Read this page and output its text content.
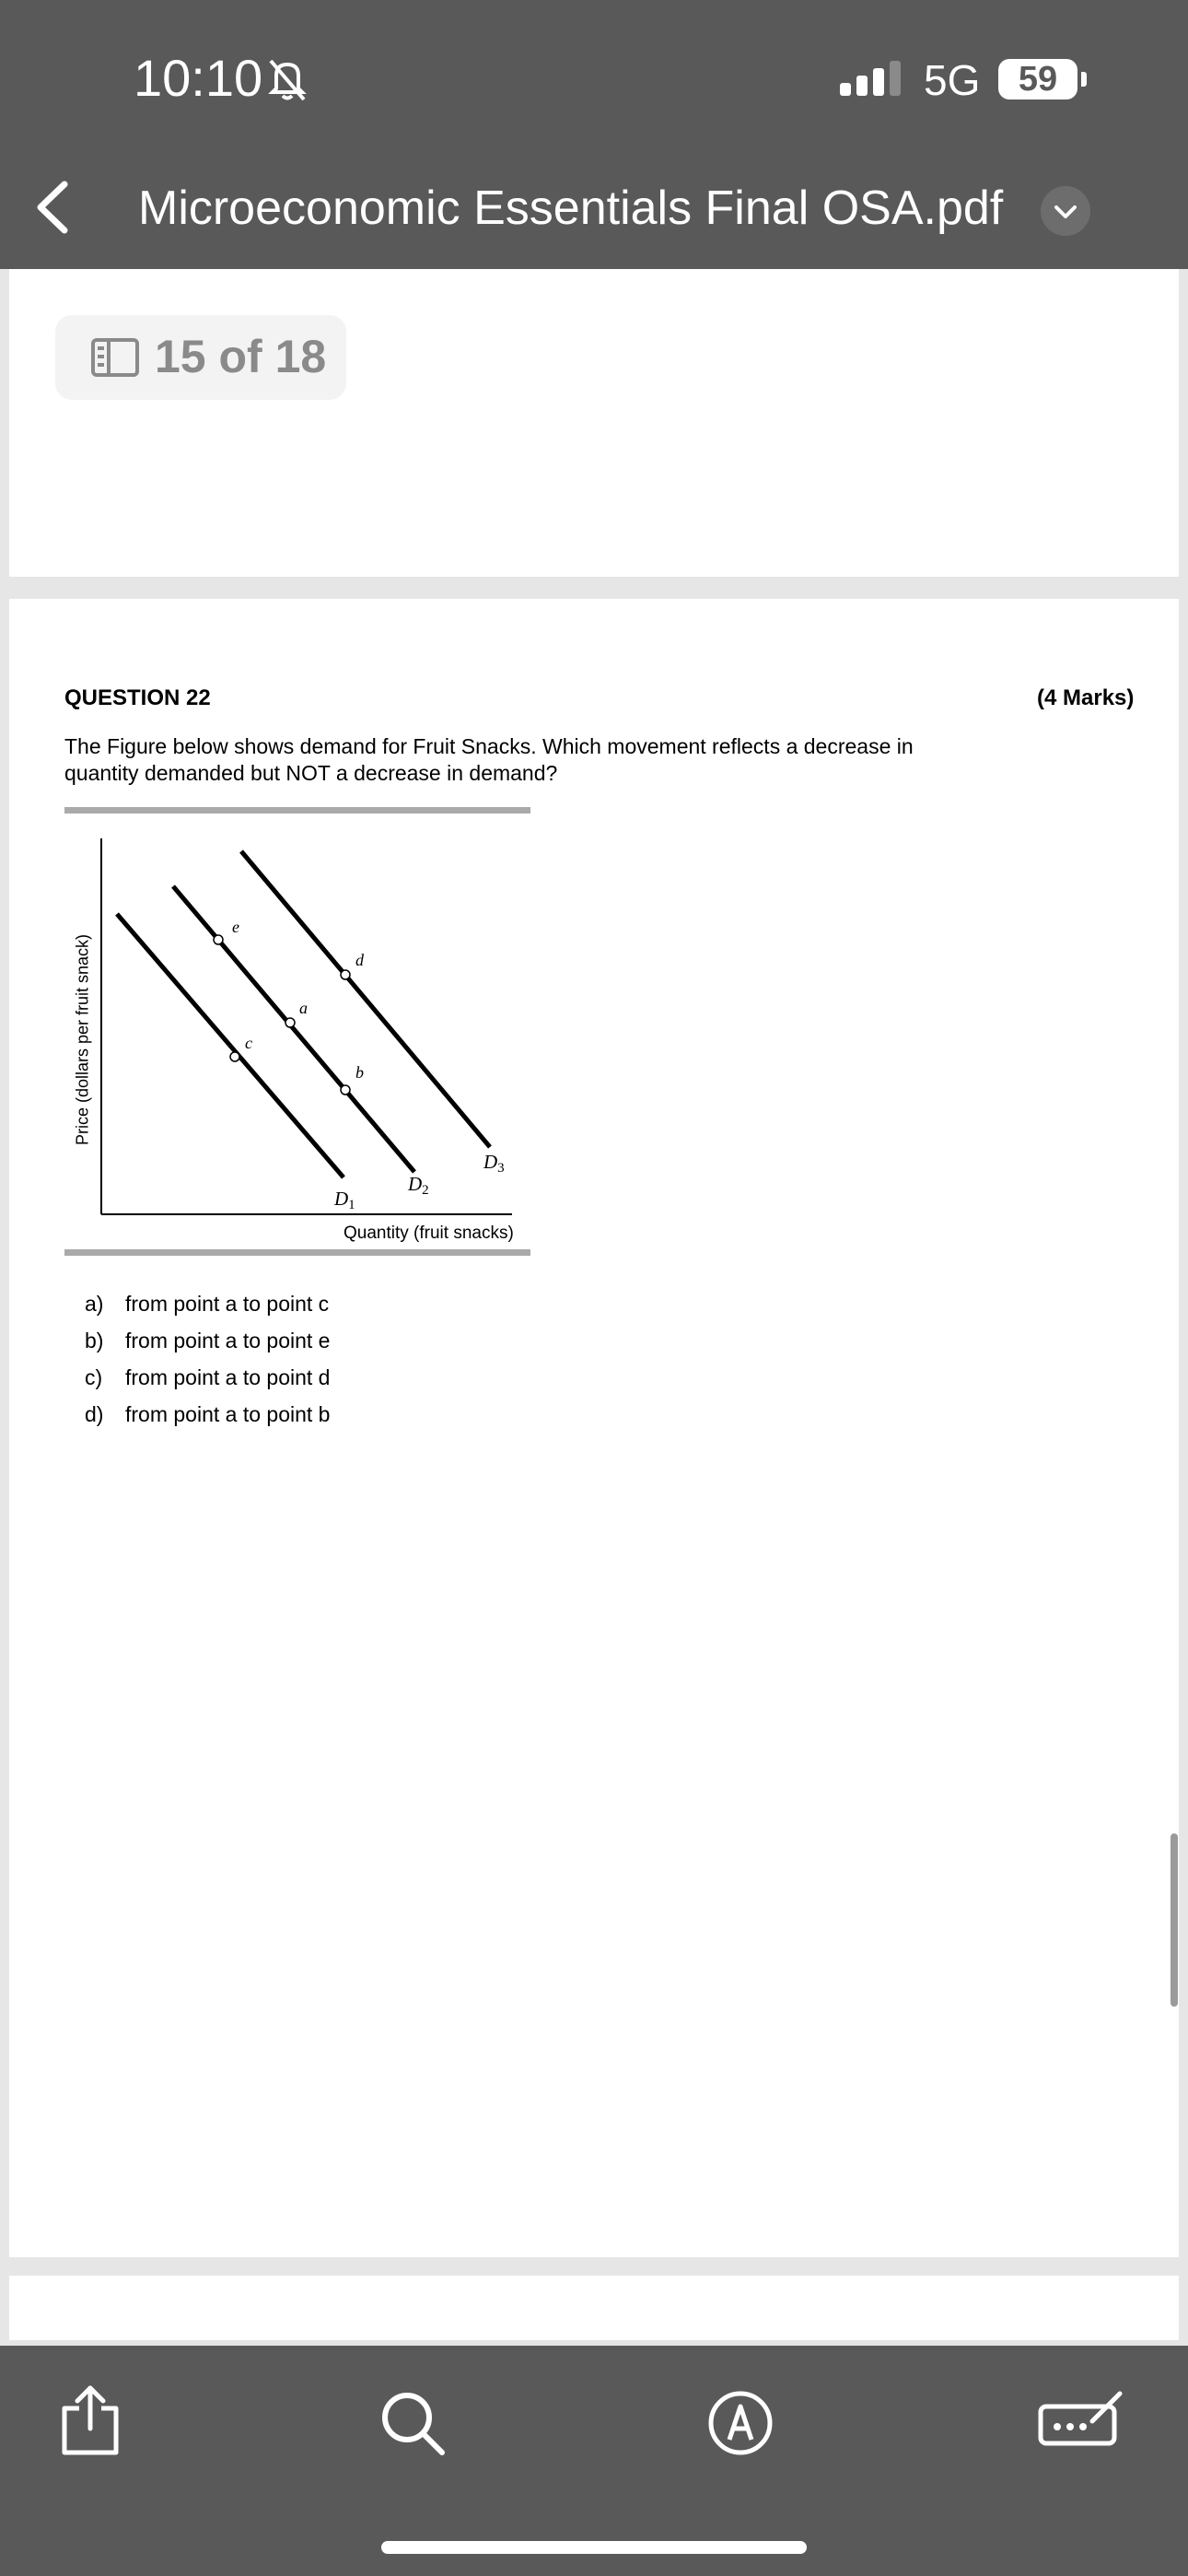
10:10	5G	59
Microeconomic Essentials Final OSA.pdf
15 of 18
QUESTION 22	(4 Marks)
The Figure below shows demand for Fruit Snacks. Which movement reflects a decrease in quantity demanded but NOT a decrease in demand?
e
a
d
c
b
D1
D2
D3
Quantity (fruit snacks)
Price (dollars per fruit snack)
a)	from point a to point c
b)	from point a to point e
c)	from point a to point d
d)	from point a to point b
